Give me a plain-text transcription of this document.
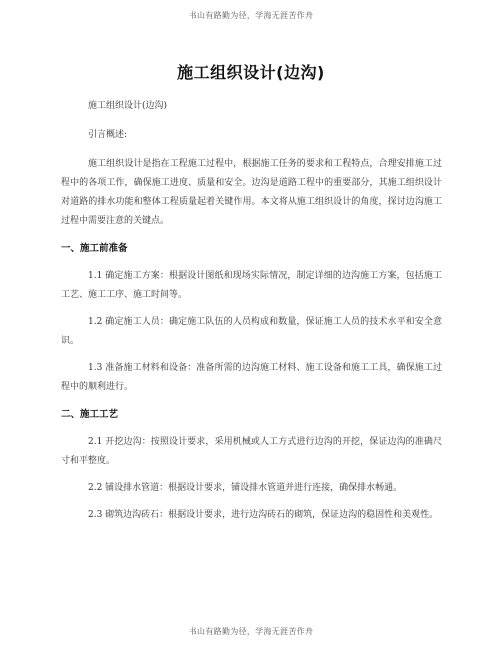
书山有路勤为径，学海无涯苦作舟
施工组织设计(边沟)

施工组织设计(边沟)

引言概述:

施工组织设计是指在工程施工过程中，根据施工任务的要求和工程特点，合理安排施工过程中的各项工作，确保施工进度、质量和安全。边沟是道路工程中的重要部分，其施工组织设计对道路的排水功能和整体工程质量起着关键作用。本文将从施工组织设计的角度，探讨边沟施工过程中需要注意的关键点。

一、施工前准备

1.1 确定施工方案：根据设计图纸和现场实际情况，制定详细的边沟施工方案，包括施工工艺、施工工序、施工时间等。

1.2 确定施工人员：确定施工队伍的人员构成和数量，保证施工人员的技术水平和安全意识。

1.3 准备施工材料和设备：准备所需的边沟施工材料、施工设备和施工工具，确保施工过程中的顺利进行。

二、施工工艺

2.1 开挖边沟：按照设计要求，采用机械或人工方式进行边沟的开挖，保证边沟的准确尺寸和平整度。

2.2 铺设排水管道：根据设计要求，铺设排水管道并进行连接，确保排水畅通。

2.3 砌筑边沟砖石：根据设计要求，进行边沟砖石的砌筑，保证边沟的稳固性和美观性。

书山有路勤为径，学海无涯苦作舟
